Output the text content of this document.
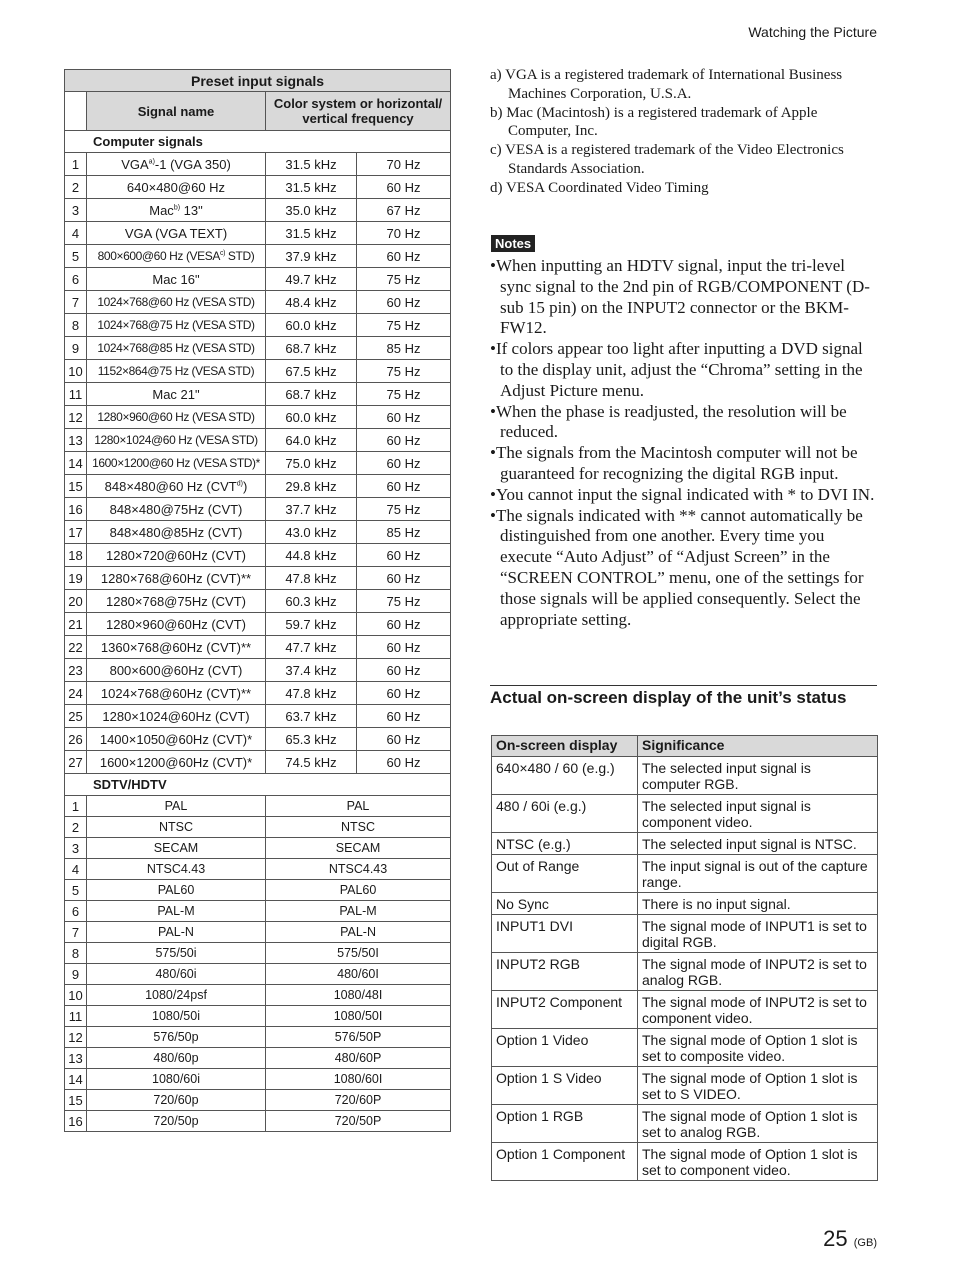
Watching the Picture
Preset input signals			
	Signal name	Color system or horizontal/ vertical frequency	
Computer signals			
1	VGA$^{a)}$-1 (VGA 350)	31.5 kHz	70 Hz
2	640×480@60 Hz	31.5 kHz	60 Hz
3	Mac$^{b)}$ 13"	35.0 kHz	67 Hz
4	VGA (VGA TEXT)	31.5 kHz	70 Hz
5	800×600@60 Hz (VESA$^{c)}$ STD)	37.9 kHz	60 Hz
6	Mac 16"	49.7 kHz	75 Hz
7	1024×768@60 Hz (VESA STD)	48.4 kHz	60 Hz
8	1024×768@75 Hz (VESA STD)	60.0 kHz	75 Hz
9	1024×768@85 Hz (VESA STD)	68.7 kHz	85 Hz
10	1152×864@75 Hz (VESA STD)	67.5 kHz	75 Hz
11	Mac 21"	68.7 kHz	75 Hz
12	1280×960@60 Hz (VESA STD)	60.0 kHz	60 Hz
13	1280×1024@60 Hz (VESA STD)	64.0 kHz	60 Hz
14	1600×1200@60 Hz (VESA STD)*	75.0 kHz	60 Hz
15	848×480@60 Hz (CVT$^{d)}$)	29.8 kHz	60 Hz
16	848×480@75Hz (CVT)	37.7 kHz	75 Hz
17	848×480@85Hz (CVT)	43.0 kHz	85 Hz
18	1280×720@60Hz (CVT)	44.8 kHz	60 Hz
19	1280×768@60Hz (CVT)**	47.8 kHz	60 Hz
20	1280×768@75Hz (CVT)	60.3 kHz	75 Hz
21	1280×960@60Hz (CVT)	59.7 kHz	60 Hz
22	1360×768@60Hz (CVT)**	47.7 kHz	60 Hz
23	800×600@60Hz (CVT)	37.4 kHz	60 Hz
24	1024×768@60Hz (CVT)**	47.8 kHz	60 Hz
25	1280×1024@60Hz (CVT)	63.7 kHz	60 Hz
26	1400×1050@60Hz (CVT)*	65.3 kHz	60 Hz
27	1600×1200@60Hz (CVT)*	74.5 kHz	60 Hz
SDTV/HDTV			
1	PAL	PAL	
2	NTSC	NTSC	
3	SECAM	SECAM	
4	NTSC4.43	NTSC4.43	
5	PAL60	PAL60	
6	PAL-M	PAL-M	
7	PAL-N	PAL-N	
8	575/50i	575/50I	
9	480/60i	480/60I	
10	1080/24psf	1080/48I	
11	1080/50i	1080/50I	
12	576/50p	576/50P	
13	480/60p	480/60P	
14	1080/60i	1080/60I	
15	720/60p	720/60P	
16	720/50p	720/50P	
a) VGA is a registered trademark of International Business Machines Corporation, U.S.A.
b) Mac (Macintosh) is a registered trademark of Apple Computer, Inc.
c) VESA is a registered trademark of the Video Electronics Standards Association.
d) VESA Coordinated Video Timing
Notes
•When inputting an HDTV signal, input the tri-level sync signal to the 2nd pin of RGB/COMPONENT (D-sub 15 pin) on the INPUT2 connector or the BKM-FW12.
•If colors appear too light after inputting a DVD signal to the display unit, adjust the “Chroma” setting in the Adjust Picture menu.
•When the phase is readjusted, the resolution will be reduced.
•The signals from the Macintosh computer will not be guaranteed for recognizing the digital RGB input.
•You cannot input the signal indicated with * to DVI IN.
•The signals indicated with ** cannot automatically be distinguished from one another. Every time you execute “Auto Adjust” of “Adjust Screen” in the “SCREEN CONTROL” menu, one of the settings for those signals will be applied consequently. Select the appropriate setting.
Actual on-screen display of the unit’s status
On-screen display	Significance
640×480 / 60 (e.g.)	The selected input signal is computer RGB.
480 / 60i (e.g.)	The selected input signal is component video.
NTSC (e.g.)	The selected input signal is NTSC.
Out of Range	The input signal is out of the capture range.
No Sync	There is no input signal.
INPUT1 DVI	The signal mode of INPUT1 is set to digital RGB.
INPUT2 RGB	The signal mode of INPUT2 is set to analog RGB.
INPUT2 Component	The signal mode of INPUT2 is set to component video.
Option 1 Video	The signal mode of Option 1 slot is set to composite video.
Option 1 S Video	The signal mode of Option 1 slot is set to S VIDEO.
Option 1 RGB	The signal mode of Option 1 slot is set to analog RGB.
Option 1 Component	The signal mode of Option 1 slot is set to component video.
25 (GB)
